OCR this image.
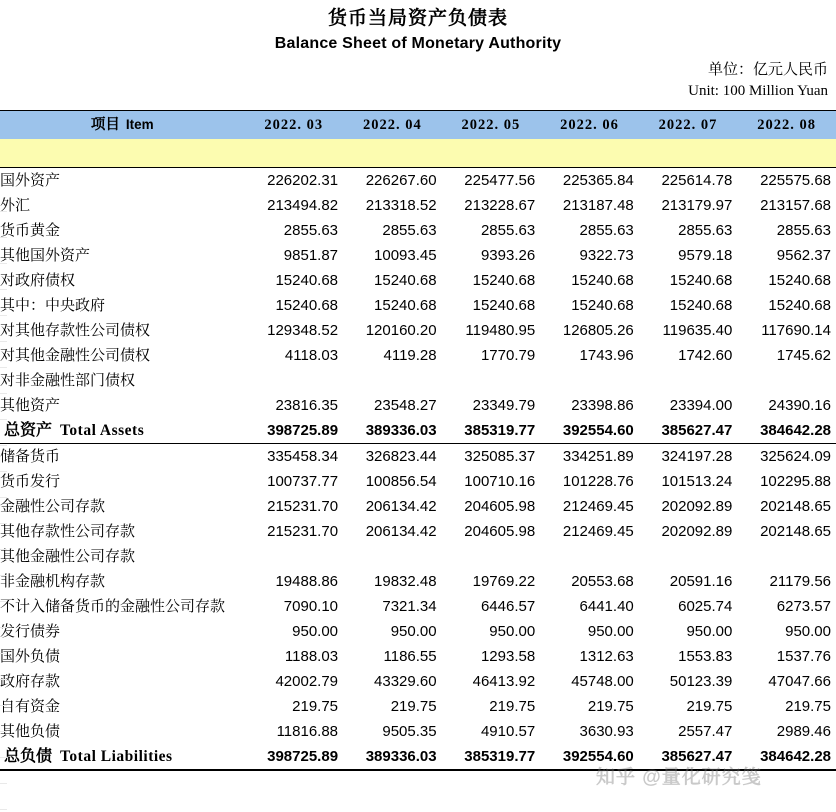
货币当局资产负债表
Balance Sheet of Monetary Authority
单位：亿元人民币
Unit: 100 Million Yuan
项目 Item	2022. 03	2022. 04	2022. 05	2022. 06	2022. 07	2022. 08

国外资产	226202.31	226267.60	225477.56	225365.84	225614.78	225575.68
外汇	213494.82	213318.52	213228.67	213187.48	213179.97	213157.68
货币黄金	2855.63	2855.63	2855.63	2855.63	2855.63	2855.63
其他国外资产	9851.87	10093.45	9393.26	9322.73	9579.18	9562.37
对政府债权	15240.68	15240.68	15240.68	15240.68	15240.68	15240.68
其中：中央政府	15240.68	15240.68	15240.68	15240.68	15240.68	15240.68
对其他存款性公司债权	129348.52	120160.20	119480.95	126805.26	119635.40	117690.14
对其他金融性公司债权	4118.03	4119.28	1770.79	1743.96	1742.60	1745.62
对非金融性部门债权						
其他资产	23816.35	23548.27	23349.79	23398.86	23394.00	24390.16
总资产 Total Assets	398725.89	389336.03	385319.77	392554.60	385627.47	384642.28
储备货币	335458.34	326823.44	325085.37	334251.89	324197.28	325624.09
货币发行	100737.77	100856.54	100710.16	101228.76	101513.24	102295.88
金融性公司存款	215231.70	206134.42	204605.98	212469.45	202092.89	202148.65
其他存款性公司存款	215231.70	206134.42	204605.98	212469.45	202092.89	202148.65
其他金融性公司存款						
非金融机构存款	19488.86	19832.48	19769.22	20553.68	20591.16	21179.56
不计入储备货币的金融性公司存款	7090.10	7321.34	6446.57	6441.40	6025.74	6273.57
发行债券	950.00	950.00	950.00	950.00	950.00	950.00
国外负债	1188.03	1186.55	1293.58	1312.63	1553.83	1537.76
政府存款	42002.79	43329.60	46413.92	45748.00	50123.39	47047.66
自有资金	219.75	219.75	219.75	219.75	219.75	219.75
其他负债	11816.88	9505.35	4910.57	3630.93	2557.47	2989.46
总负债 Total Liabilities	398725.89	389336.03	385319.77	392554.60	385627.47	384642.28
知乎 @量化研究笺
